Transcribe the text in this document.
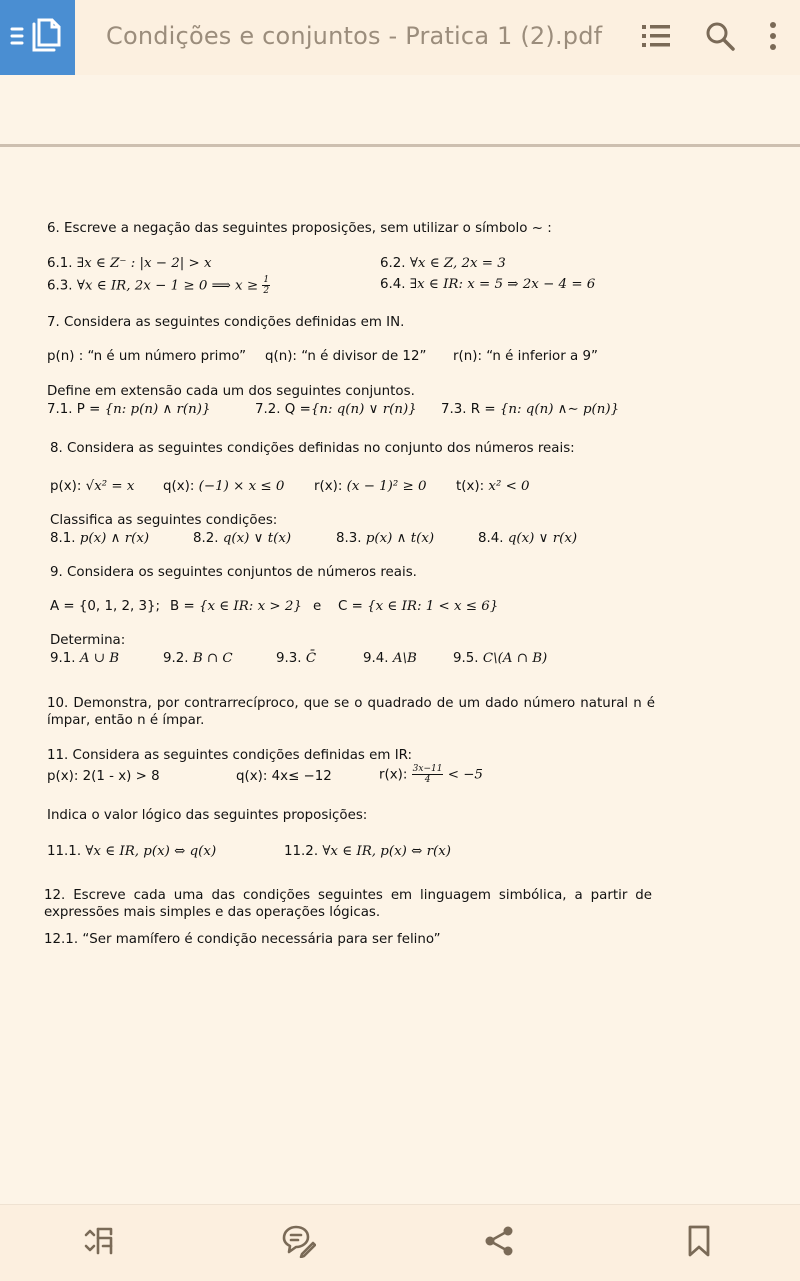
Condições e conjuntos - Pratica 1 (2).pdf
6. Escreve a negação das seguintes proposições, sem utilizar o símbolo ~ :
6.1. ∃x ∈ Z⁻ : |x − 2| > x	6.2. ∀x ∈ Z, 2x = 3
6.3. ∀x ∈ IR, 2x − 1 ≥ 0 ⟹ $x \ge \frac{1}{2}$	6.4. ∃x ∈ IR: x = 5 ⇒ 2x − 4 = 6
7. Considera as seguintes condições definidas em IN.
p(n) : “n é um número primo” q(n): “n é divisor de 12” r(n): “n é inferior a 9”
Define em extensão cada um dos seguintes conjuntos.
7.1. P = {n: p(n) ∧ r(n)}	7.2. Q ={n: q(n) ∨ r(n)} 7.3. R = {n: q(n) ∧∼ p(n)}
8. Considera as seguintes condições definidas no conjunto dos números reais:
p(x): √x² = x q(x): (−1) × x ≤ 0 r(x): (x − 1)² ≥ 0 t(x): x² < 0
Classifica as seguintes condições:
8.1. p(x) ∧ r(x)	8.2. q(x) ∨ t(x)	8.3. p(x) ∧ t(x)	8.4. q(x) ∨ r(x)
9. Considera os seguintes conjuntos de números reais.
A = {0, 1, 2, 3}; B = {x ∈ IR: x > 2} e C = {x ∈ IR: 1 < x ≤ 6}
Determina:
9.1. A ∪ B	9.2. B ∩ C	9.3. C̄	9.4. A\B	9.5. C\(A ∩ B)
10. Demonstra, por contrarrecíproco, que se o quadrado de um dado número natural n é ímpar, então n é ímpar.
11. Considera as seguintes condições definidas em IR:
p(x): 2(1 - x) > 8	q(x): 4x≤ −12	r(x): $\frac{3x-11}{4} < -5$
Indica o valor lógico das seguintes proposições:
11.1. ∀x ∈ IR, p(x) ⇔ q(x)	11.2. ∀x ∈ IR, p(x) ⇔ r(x)
12. Escreve cada uma das condições seguintes em linguagem simbólica, a partir de expressões mais simples e das operações lógicas.
12.1. “Ser mamífero é condição necessária para ser felino”
